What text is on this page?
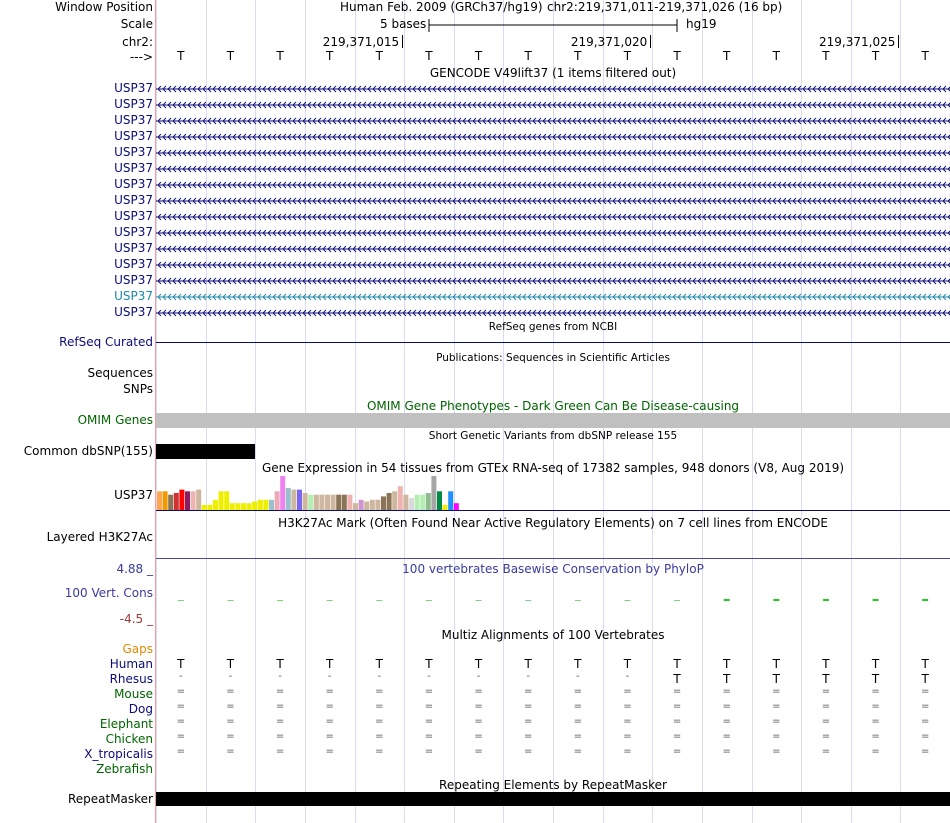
Window Position	Human Feb. 2009 (GRCh37/hg19) chr2:219,371,011-219,371,026 (16 bp)
Scale	5 bases	hg19
chr2:	219,371,015	219,371,020	219,371,025
---> T	T	T	T	T	T	T	T	T	T	T	T	T	T	T	T
GENCODE V49lift37 (1 items filtered out)
USP37
USP37
USP37
USP37
USP37
USP37
USP37
USP37
USP37
USP37
USP37
USP37
USP37
USP37
USP37
RefSeq genes from NCBI
RefSeq Curated
Publications: Sequences in Scientific Articles
Sequences
SNPs
OMIM Gene Phenotypes - Dark Green Can Be Disease-causing
OMIM Genes
Short Genetic Variants from dbSNP release 155
Common dbSNP(155)
Gene Expression in 54 tissues from GTEx RNA-seq of 17382 samples, 948 donors (V8, Aug 2019)
USP37
H3K27Ac Mark (Often Found Near Active Regulatory Elements) on 7 cell lines from ENCODE
Layered H3K27Ac
100 vertebrates Basewise Conservation by PhyloP
4.88 _
100 Vert. Cons
-4.5 _
Multiz Alignments of 100 Vertebrates
Gaps
Human T	T	T	T	T	T	T	T	T	T	T	T	T	T	T	T
Rhesus	-	-	-	-	-	-	-	-	-	-	T	T	T	T	T	T
Mouse =	=	=	=	=	=	=	=	=	=	=	=	=	=	=	=
Dog =	=	=	=	=	=	=	=	=	=	=	=	=	=	=	=
Elephant =	=	=	=	=	=	=	=	=	=	=	=	=	=	=	=
Chicken =	=	=	=	=	=	=	=	=	=	=	=	=	=	=	=
X_tropicalis =	=	=	=	=	=	=	=	=	=	=	=	=	=	=	=
Zebrafish
Repeating Elements by RepeatMasker
RepeatMasker
